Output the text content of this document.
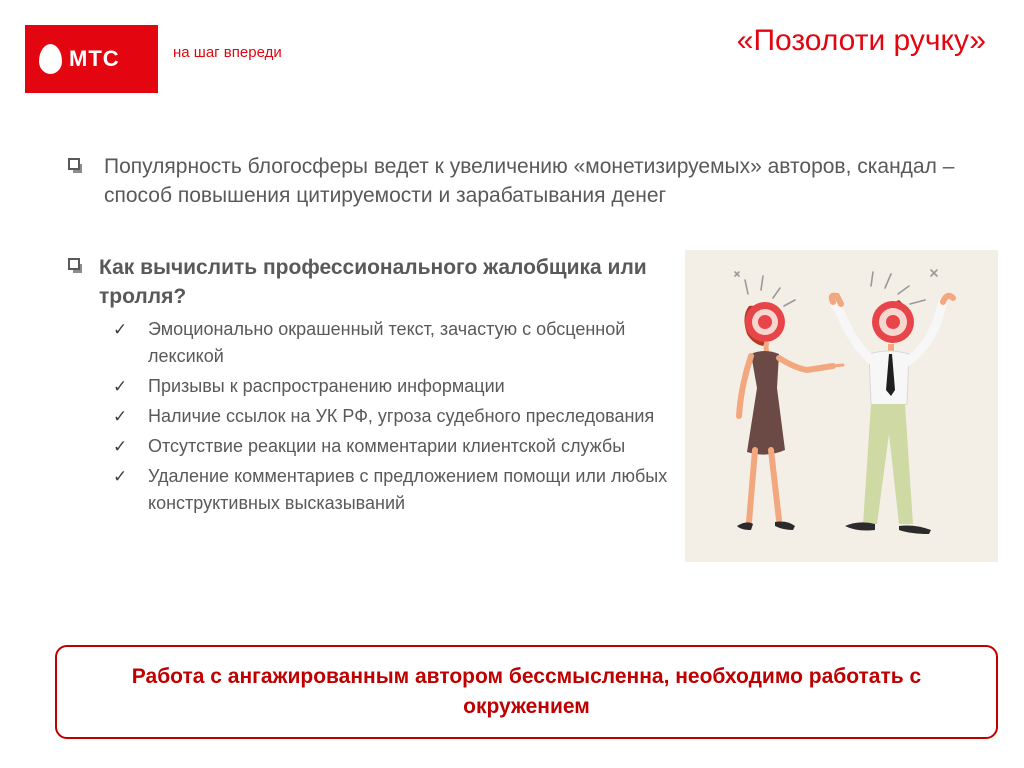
МТС	на шаг впереди	«Позолоти ручку»
Популярность блогосферы ведет к увеличению «монетизируемых» авторов, скандал – способ повышения цитируемости и зарабатывания денег
Как вычислить профессионального жалобщика или тролля?
✓ Эмоционально окрашенный текст, зачастую с обсценной лексикой
✓ Призывы к распространению информации
✓ Наличие ссылок на УК РФ, угроза судебного преследования
✓ Отсутствие реакции на комментарии клиентской службы
✓ Удаление комментариев с предложением помощи или любых конструктивных высказываний
Работа с ангажированным автором бессмысленна, необходимо работать с окружением
